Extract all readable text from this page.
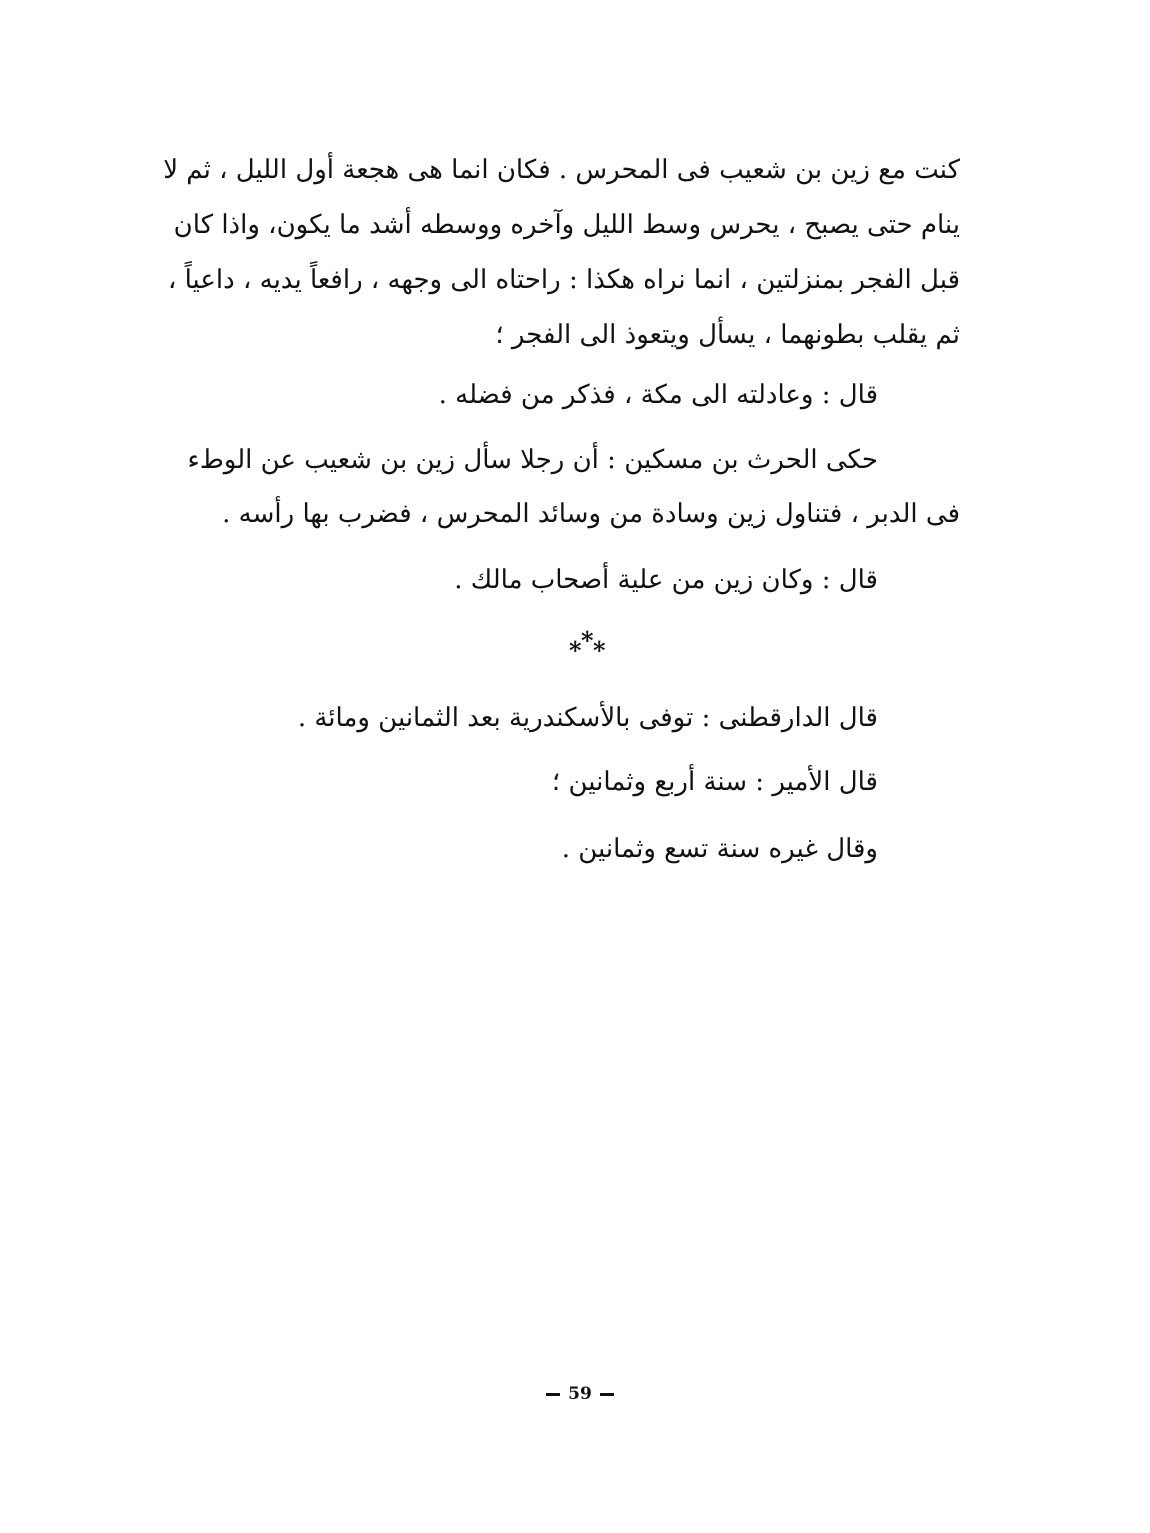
كنت مع زين بن شعيب فى المحرس . فكان انما هى هجعة أول الليل ، ثم لا
ينام حتى يصبح ، يحرس وسط الليل وآخره ووسطه أشد ما يكون، واذا كان
قبل الفجر بمنزلتين ، انما نراه هكذا : راحتاه الى وجهه ، رافعاً يديه ، داعياً ،
ثم يقلب بطونهما ، يسأل ويتعوذ الى الفجر ؛
قال : وعادلته الى مكة ، فذكر من فضله .
حكى الحرث بن مسكين : أن رجلا سأل زين بن شعيب عن الوطء
فى الدبر ، فتناول زين وسادة من وسائد المحرس ، فضرب بها رأسه .
قال : وكان زين من علية أصحاب مالك .
* * *
قال الدارقطنى : توفى بالأسكندرية بعد الثمانين ومائة .
قال الأمير : سنة أربع وثمانين ؛
وقال غيره سنة تسع وثمانين .
59
